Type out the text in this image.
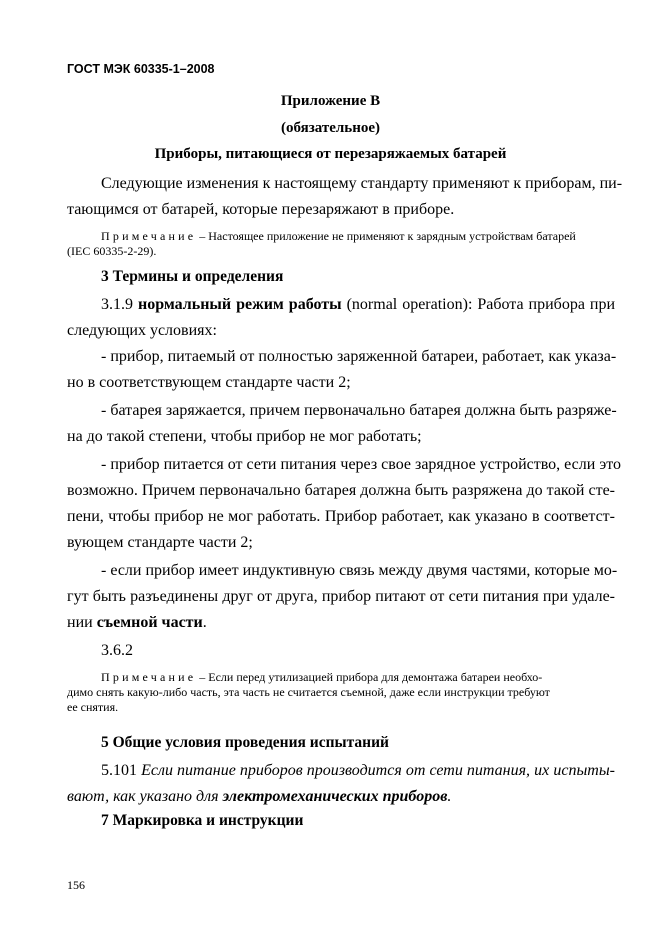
ГОСТ МЭК 60335-1–2008
Приложение В
(обязательное)
Приборы, питающиеся от перезаряжаемых батарей
Следующие изменения к настоящему стандарту применяют к приборам, пи-
тающимся от батарей, которые перезаряжают в приборе.
Примечание – Настоящее приложение не применяют к зарядным устройствам батарей
(IEC 60335-2-29).
3 Термины и определения
3.1.9 нормальный режим работы (normal operation): Работа прибора при
следующих условиях:
- прибор, питаемый от полностью заряженной батареи, работает, как указа-
но в соответствующем стандарте части 2;
- батарея заряжается, причем первоначально батарея должна быть разряже-
на до такой степени, чтобы прибор не мог работать;
- прибор питается от сети питания через свое зарядное устройство, если это
возможно. Причем первоначально батарея должна быть разряжена до такой сте-
пени, чтобы прибор не мог работать. Прибор работает, как указано в соответст-
вующем стандарте части 2;
- если прибор имеет индуктивную связь между двумя частями, которые мо-
гут быть разъединены друг от друга, прибор питают от сети питания при удале-
нии съемной части.
3.6.2
Примечание – Если перед утилизацией прибора для демонтажа батареи необхо-
димо снять какую-либо часть, эта часть не считается съемной, даже если инструкции требуют
ее снятия.
5 Общие условия проведения испытаний
5.101 Если питание приборов производится от сети питания, их испыты-
вают, как указано для электромеханических приборов.
7 Маркировка и инструкции
156
